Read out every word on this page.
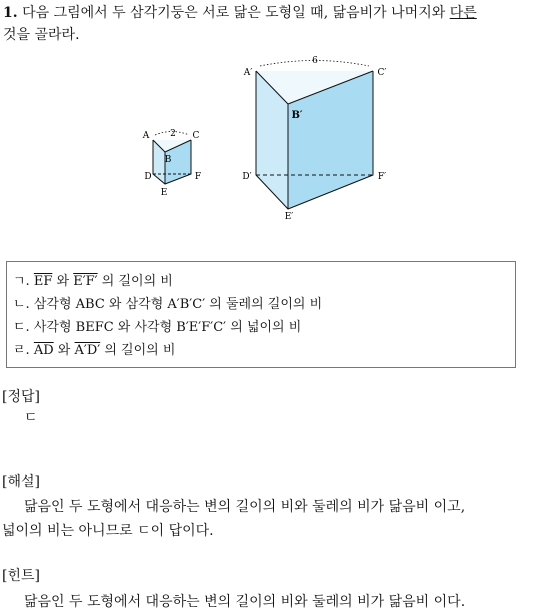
1. 다음 그림에서 두 삼각기둥은 서로 닮은 도형일 때, 닮음비가 나머지와 다른
것을 골라라.
2
A	C
B
D	F
E
6
A′	C′
B′
D′	F′
E′
ㄱ. $\overline{EF}$ 와 E′F′ 의 길이의 비
ㄴ. 삼각형 ABC 와 삼각형 A′B′C′ 의 둘레의 길이의 비
ㄷ. 사각형 BEFC 와 사각형 B′E′F′C′ 의 넓이의 비
ㄹ. $\overline{AD}$ 와 A′D′ 의 길이의 비
[정답]
ㄷ
[해설]
닮음인 두 도형에서 대응하는 변의 길이의 비와 둘레의 비가 닮음비 이고,
넓이의 비는 아니므로 ㄷ이 답이다.
[힌트]
닮음인 두 도형에서 대응하는 변의 길이의 비와 둘레의 비가 닮음비 이다.
